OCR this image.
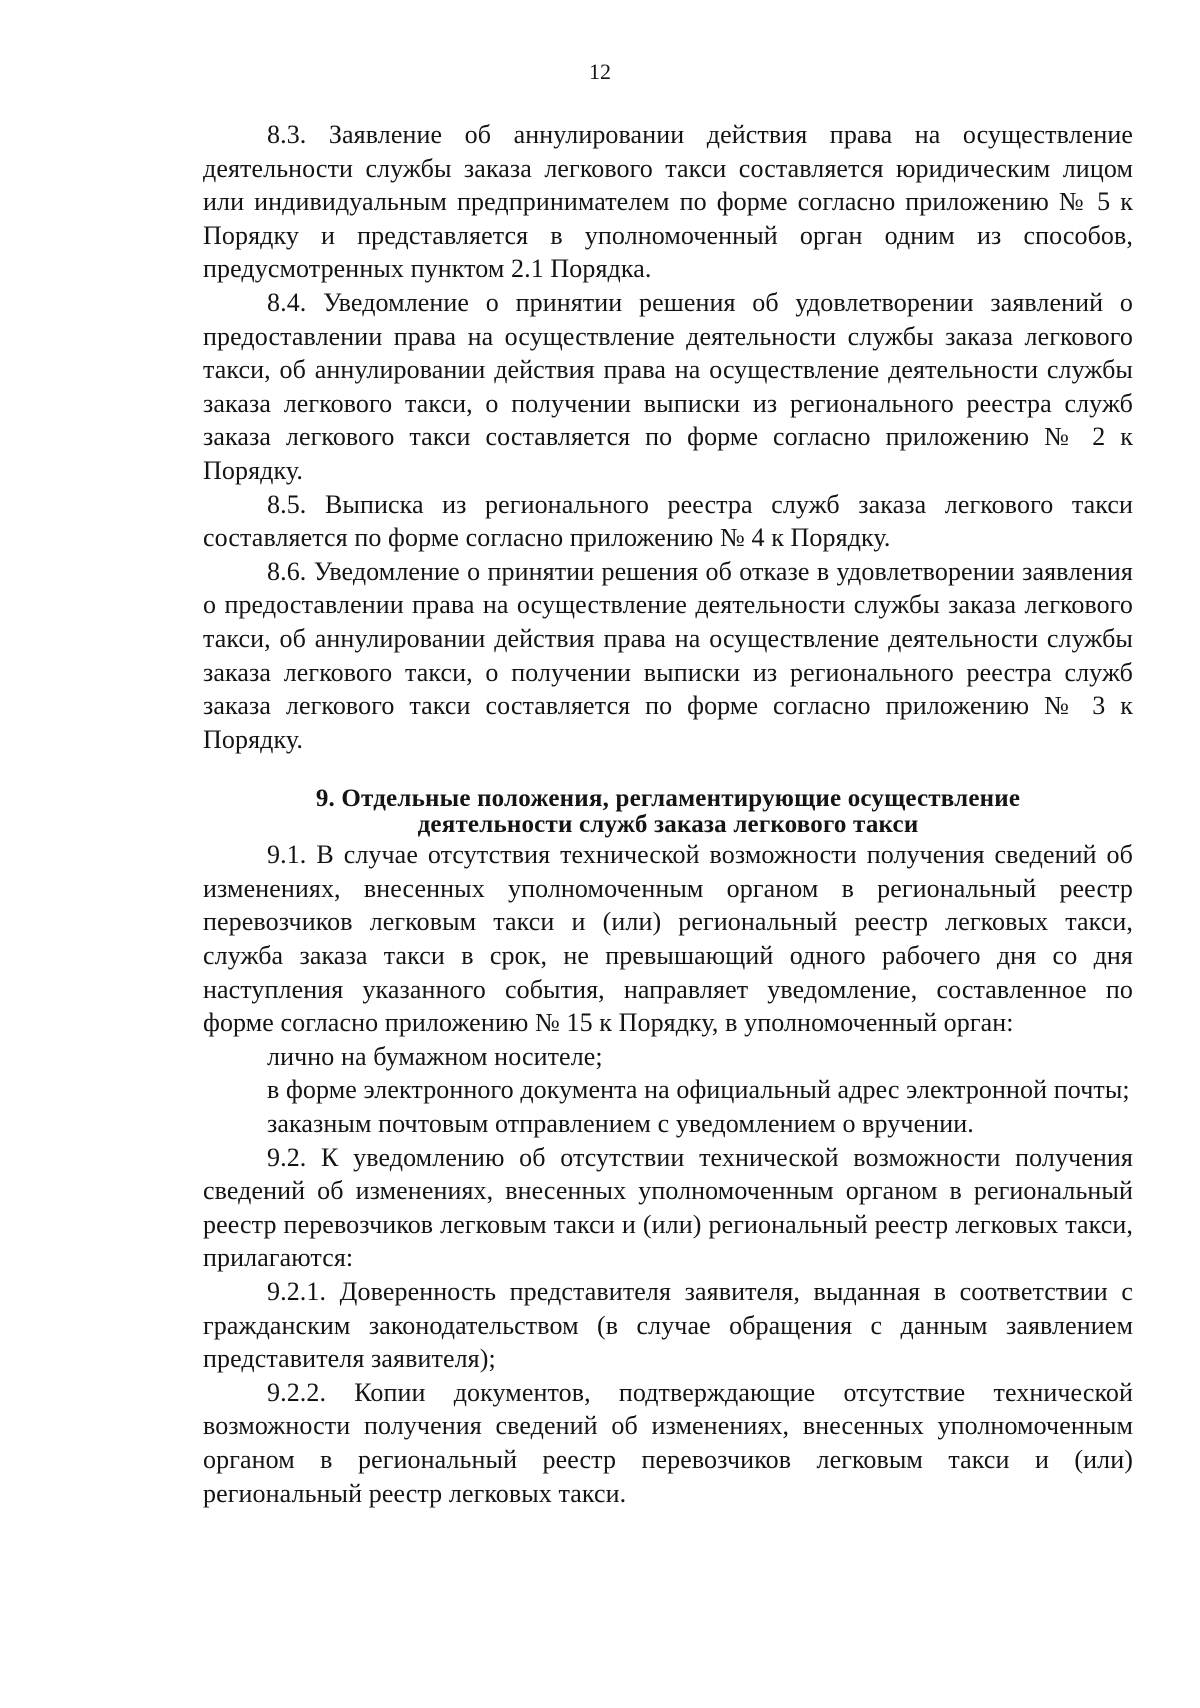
12

8.3. Заявление об аннулировании действия права на осуществление деятельности службы заказа легкового такси составляется юридическим лицом или индивидуальным предпринимателем по форме согласно приложению № 5 к Порядку и представляется в уполномоченный орган одним из способов, предусмотренных пунктом 2.1 Порядка.

8.4. Уведомление о принятии решения об удовлетворении заявлений о предоставлении права на осуществление деятельности службы заказа легкового такси, об аннулировании действия права на осуществление деятельности службы заказа легкового такси, о получении выписки из регионального реестра служб заказа легкового такси составляется по форме согласно приложению № 2 к Порядку.

8.5. Выписка из регионального реестра служб заказа легкового такси составляется по форме согласно приложению № 4 к Порядку.

8.6. Уведомление о принятии решения об отказе в удовлетворении заявления о предоставлении права на осуществление деятельности службы заказа легкового такси, об аннулировании действия права на осуществление деятельности службы заказа легкового такси, о получении выписки из регионального реестра служб заказа легкового такси составляется по форме согласно приложению № 3 к Порядку.

9. Отдельные положения, регламентирующие осуществление
деятельности служб заказа легкового такси

9.1. В случае отсутствия технической возможности получения сведений об изменениях, внесенных уполномоченным органом в региональный реестр перевозчиков легковым такси и (или) региональный реестр легковых такси, служба заказа такси в срок, не превышающий одного рабочего дня со дня наступления указанного события, направляет уведомление, составленное по форме согласно приложению № 15 к Порядку, в уполномоченный орган:

лично на бумажном носителе;

в форме электронного документа на официальный адрес электронной почты;

заказным почтовым отправлением с уведомлением о вручении.

9.2. К уведомлению об отсутствии технической возможности получения сведений об изменениях, внесенных уполномоченным органом в региональный реестр перевозчиков легковым такси и (или) региональный реестр легковых такси, прилагаются:

9.2.1. Доверенность представителя заявителя, выданная в соответствии с гражданским законодательством (в случае обращения с данным заявлением представителя заявителя);

9.2.2. Копии документов, подтверждающие отсутствие технической возможности получения сведений об изменениях, внесенных уполномоченным органом в региональный реестр перевозчиков легковым такси и (или) региональный реестр легковых такси.
